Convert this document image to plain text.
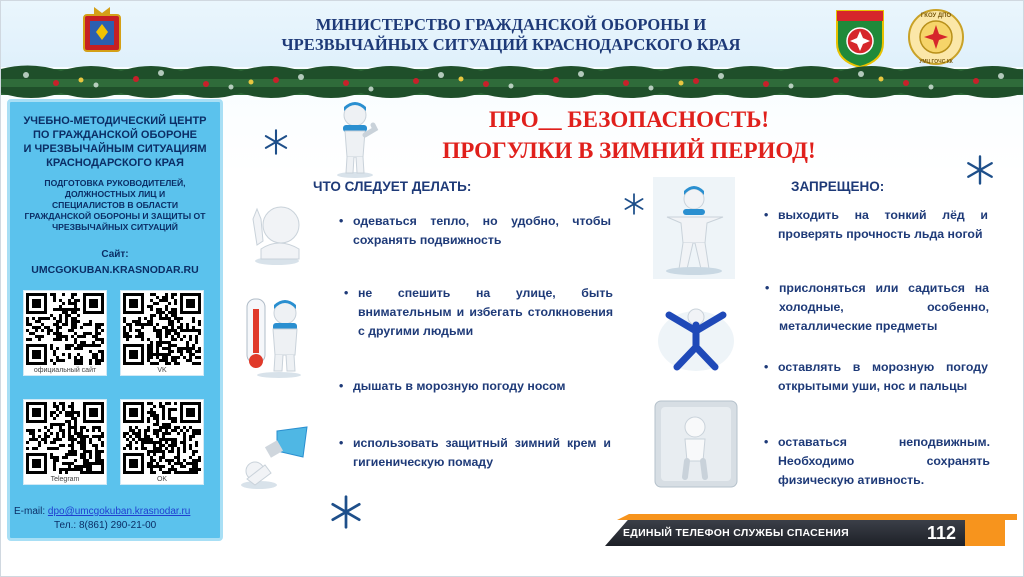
МИНИСТЕРСТВО ГРАЖДАНСКОЙ ОБОРОНЫ И
ЧРЕЗВЫЧАЙНЫХ СИТУАЦИЙ КРАСНОДАРСКОГО КРАЯ
ГКОУ ДПО
УМЦ ГОЧС КК
УЧЕБНО-МЕТОДИЧЕСКИЙ ЦЕНТР
ПО ГРАЖДАНСКОЙ ОБОРОНЕ
И ЧРЕЗВЫЧАЙНЫМ СИТУАЦИЯМ
КРАСНОДАРСКОГО КРАЯ
ПОДГОТОВКА РУКОВОДИТЕЛЕЙ,
ДОЛЖНОСТНЫХ ЛИЦ И
СПЕЦИАЛИСТОВ В ОБЛАСТИ
ГРАЖДАНСКОЙ ОБОРОНЫ И ЗАЩИТЫ ОТ
ЧРЕЗВЫЧАЙНЫХ СИТУАЦИЙ
Сайт:
UMCGOKUBAN.KRASNODAR.RU
официальный сайт	VK
Telegram	OK
E-mail: dpo@umcgokuban.krasnodar.ru
Тел.: 8(861) 290-21-00
ПРО__ БЕЗОПАСНОСТЬ!
ПРОГУЛКИ В ЗИМНИЙ ПЕРИОД!
ЧТО СЛЕДУЕТ ДЕЛАТЬ:
• одеваться тепло, но удобно, чтобы сохранять подвижность
• не спешить на улице, быть внимательным и избегать столкновения с другими людьми
• дышать в морозную погоду носом
• использовать защитный зимний крем и гигиеническую помаду
ЗАПРЕЩЕНО:
• выходить на тонкий лёд и проверять прочность льда ногой
• прислоняться или садиться на холодные, особенно, металлические предметы
• оставлять в морозную погоду открытыми уши, нос и пальцы
• оставаться неподвижным. Необходимо сохранять физическую ативность.
ЕДИНЫЙ ТЕЛЕФОН СЛУЖБЫ СПАСЕНИЯ	112
